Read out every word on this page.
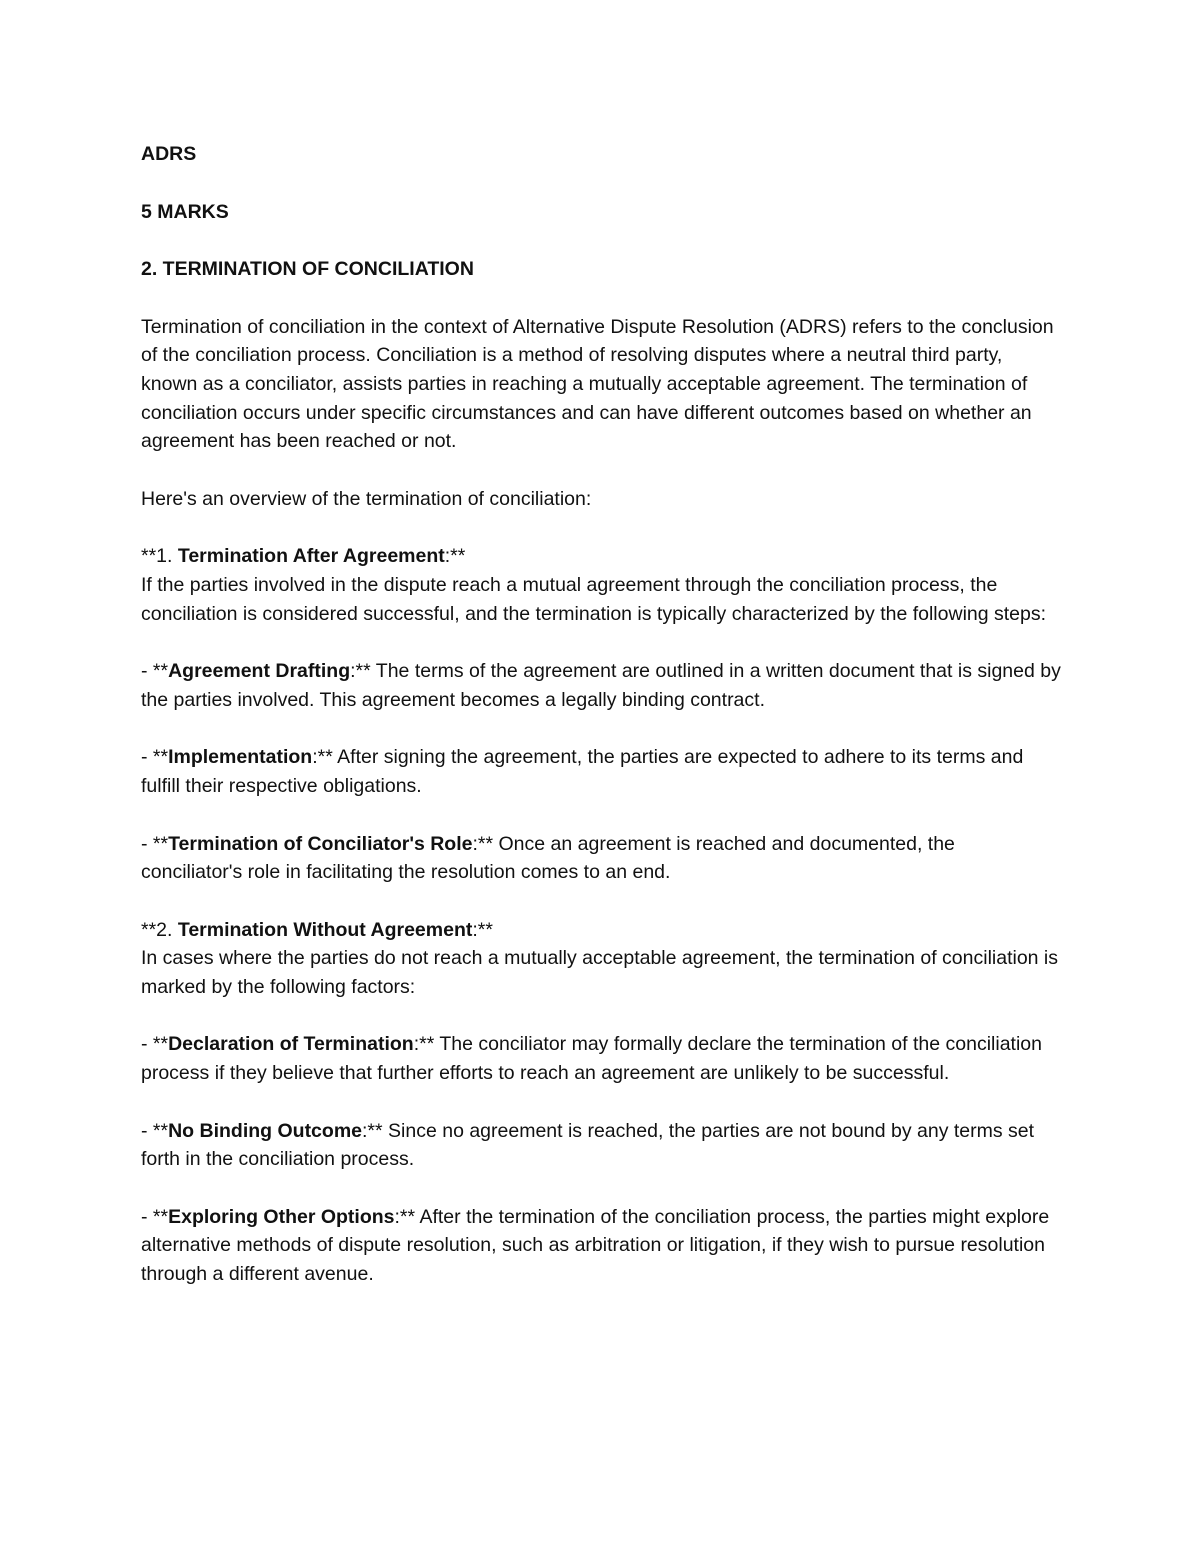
ADRS
5 MARKS
2. TERMINATION OF CONCILIATION
Termination of conciliation in the context of Alternative Dispute Resolution (ADRS) refers to the conclusion of the conciliation process. Conciliation is a method of resolving disputes where a neutral third party, known as a conciliator, assists parties in reaching a mutually acceptable agreement. The termination of conciliation occurs under specific circumstances and can have different outcomes based on whether an agreement has been reached or not.
Here's an overview of the termination of conciliation:
**1. Termination After Agreement:**
If the parties involved in the dispute reach a mutual agreement through the conciliation process, the conciliation is considered successful, and the termination is typically characterized by the following steps:
- **Agreement Drafting:** The terms of the agreement are outlined in a written document that is signed by the parties involved. This agreement becomes a legally binding contract.
- **Implementation:** After signing the agreement, the parties are expected to adhere to its terms and fulfill their respective obligations.
- **Termination of Conciliator's Role:** Once an agreement is reached and documented, the conciliator's role in facilitating the resolution comes to an end.
**2. Termination Without Agreement:**
In cases where the parties do not reach a mutually acceptable agreement, the termination of conciliation is marked by the following factors:
- **Declaration of Termination:** The conciliator may formally declare the termination of the conciliation process if they believe that further efforts to reach an agreement are unlikely to be successful.
- **No Binding Outcome:** Since no agreement is reached, the parties are not bound by any terms set forth in the conciliation process.
- **Exploring Other Options:** After the termination of the conciliation process, the parties might explore alternative methods of dispute resolution, such as arbitration or litigation, if they wish to pursue resolution through a different avenue.
